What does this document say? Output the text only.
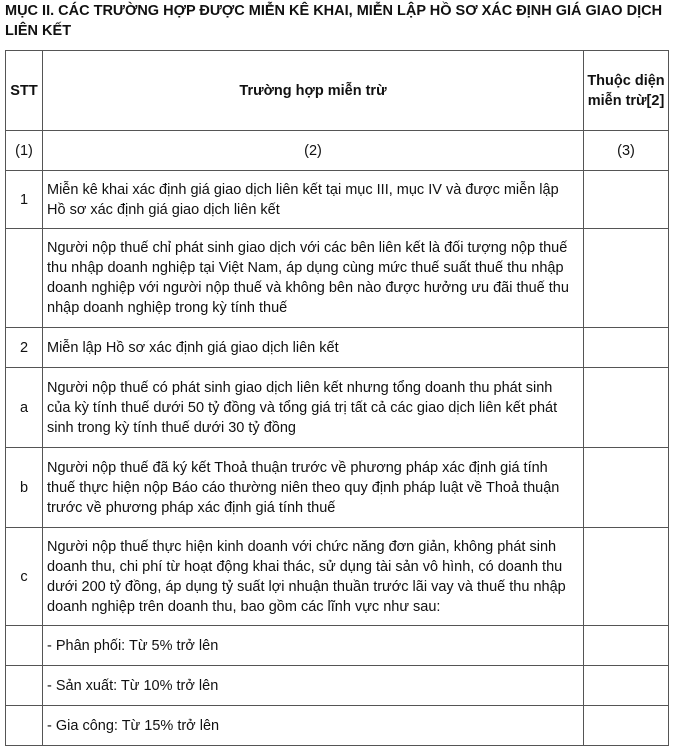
MỤC II. CÁC TRƯỜNG HỢP ĐƯỢC MIỄN KÊ KHAI, MIỄN LẬP HỒ SƠ XÁC ĐỊNH GIÁ GIAO DỊCH LIÊN KẾT
STT	Trường hợp miễn trừ	Thuộc diện miễn trừ[2]
(1)	(2)	(3)
1	Miễn kê khai xác định giá giao dịch liên kết tại mục III, mục IV và được miễn lập Hồ sơ xác định giá giao dịch liên kết	
	Người nộp thuế chỉ phát sinh giao dịch với các bên liên kết là đối tượng nộp thuế thu nhập doanh nghiệp tại Việt Nam, áp dụng cùng mức thuế suất thuế thu nhập doanh nghiệp với người nộp thuế và không bên nào được hưởng ưu đãi thuế thu nhập doanh nghiệp trong kỳ tính thuế	
2	Miễn lập Hồ sơ xác định giá giao dịch liên kết	
a	Người nộp thuế có phát sinh giao dịch liên kết nhưng tổng doanh thu phát sinh của kỳ tính thuế dưới 50 tỷ đồng và tổng giá trị tất cả các giao dịch liên kết phát sinh trong kỳ tính thuế dưới 30 tỷ đồng	
b	Người nộp thuế đã ký kết Thoả thuận trước về phương pháp xác định giá tính thuế thực hiện nộp Báo cáo thường niên theo quy định pháp luật về Thoả thuận trước về phương pháp xác định giá tính thuế	
c	Người nộp thuế thực hiện kinh doanh với chức năng đơn giản, không phát sinh doanh thu, chi phí từ hoạt động khai thác, sử dụng tài sản vô hình, có doanh thu dưới 200 tỷ đồng, áp dụng tỷ suất lợi nhuận thuần trước lãi vay và thuế thu nhập doanh nghiệp trên doanh thu, bao gồm các lĩnh vực như sau:	
	- Phân phối: Từ 5% trở lên	
	- Sản xuất: Từ 10% trở lên	
	- Gia công: Từ 15% trở lên	
